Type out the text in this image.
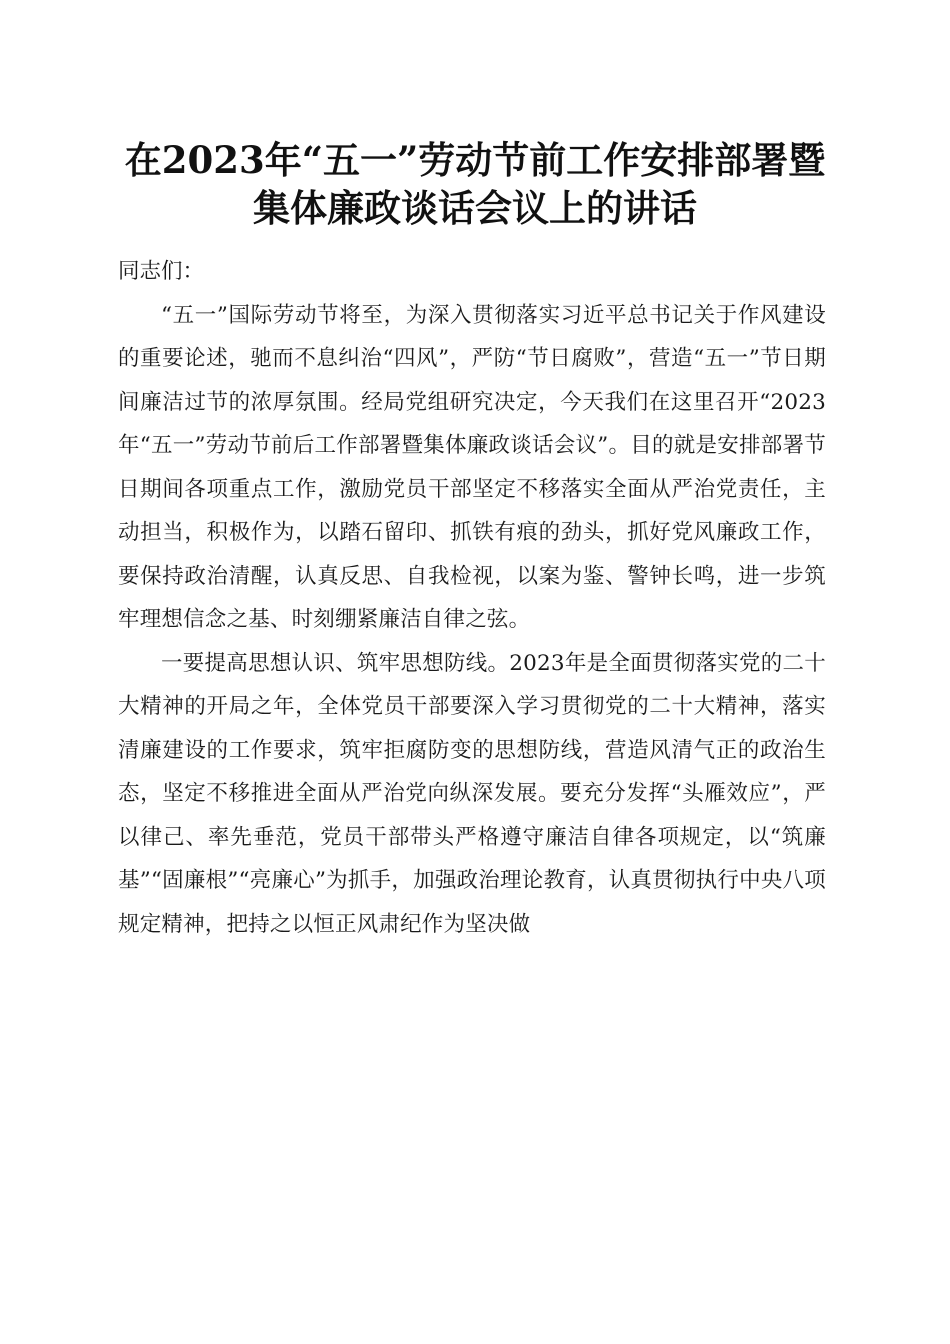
在2023年“五一”劳动节前工作安排部署暨
集体廉政谈话会议上的讲话

同志们：

“五一”国际劳动节将至，为深入贯彻落实习近平总书记关于作风建设的重要论述，驰而不息纠治“四风”，严防“节日腐败”，营造“五一”节日期间廉洁过节的浓厚氛围。经局党组研究决定，今天我们在这里召开“2023年“五一”劳动节前后工作部署暨集体廉政谈话会议”。目的就是安排部署节日期间各项重点工作，激励党员干部坚定不移落实全面从严治党责任，主动担当，积极作为，以踏石留印、抓铁有痕的劲头，抓好党风廉政工作，要保持政治清醒，认真反思、自我检视，以案为鉴、警钟长鸣，进一步筑牢理想信念之基、时刻绷紧廉洁自律之弦。

一要提高思想认识、筑牢思想防线。2023年是全面贯彻落实党的二十大精神的开局之年，全体党员干部要深入学习贯彻党的二十大精神，落实清廉建设的工作要求，筑牢拒腐防变的思想防线，营造风清气正的政治生态，坚定不移推进全面从严治党向纵深发展。要充分发挥“头雁效应”，严以律己、率先垂范，党员干部带头严格遵守廉洁自律各项规定，以“筑廉基”“固廉根”“亮廉心”为抓手，加强政治理论教育，认真贯彻执行中央八项规定精神，把持之以恒正风肃纪作为坚决做
